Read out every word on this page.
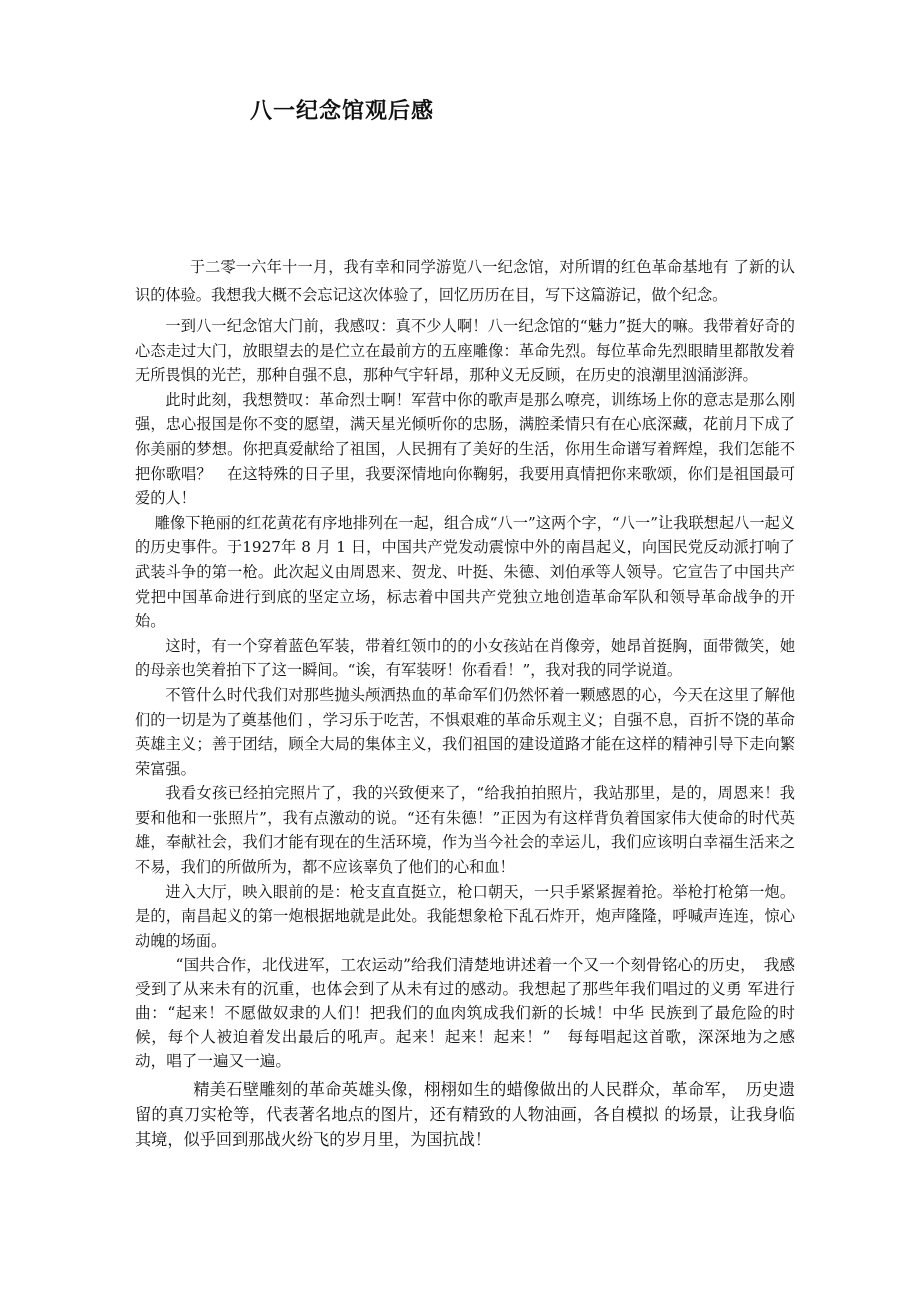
八一纪念馆观后感

于二零一六年十一月，我有幸和同学游览八一纪念馆，对所谓的红色革命基地有 了新的认识的体验。我想我大概不会忘记这次体验了，回忆历历在目，写下这篇游记，做个纪念。

一到八一纪念馆大门前，我感叹：真不少人啊！八一纪念馆的“魅力”挺大的嘛。我带着好奇的心态走过大门，放眼望去的是伫立在最前方的五座雕像：革命先烈。每位革命先烈眼睛里都散发着无所畏惧的光芒，那种自强不息，那种气宇轩昂，那种义无反顾，在历史的浪潮里汹涌澎湃。

此时此刻，我想赞叹：革命烈士啊！军营中你的歌声是那么嘹亮，训练场上你的意志是那么刚强，忠心报国是你不变的愿望，满天星光倾听你的忠肠，满腔柔情只有在心底深藏，花前月下成了你美丽的梦想。你把真爱献给了祖国，人民拥有了美好的生活，你用生命谱写着辉煌，我们怎能不把你歌唱？　在这特殊的日子里，我要深情地向你鞠躬，我要用真情把你来歌颂，你们是祖国最可爱的人！

雕像下艳丽的红花黄花有序地排列在一起，组合成“八一”这两个字，“八一”让我联想起八一起义的历史事件。于1927年 8 月 1 日，中国共产党发动震惊中外的南昌起义，向国民党反动派打响了武装斗争的第一枪。此次起义由周恩来、贺龙、叶挺、朱德、刘伯承等人领导。它宣告了中国共产党把中国革命进行到底的坚定立场，标志着中国共产党独立地创造革命军队和领导革命战争的开始。

这时，有一个穿着蓝色军装，带着红领巾的的小女孩站在肖像旁，她昂首挺胸，面带微笑，她的母亲也笑着拍下了这一瞬间。“诶，有军装呀！你看看！”，我对我的同学说道。

不管什么时代我们对那些抛头颅洒热血的革命军们仍然怀着一颗感恩的心，今天在这里了解他们的一切是为了奠基他们 ，学习乐于吃苦，不惧艰难的革命乐观主义；自强不息，百折不饶的革命英雄主义；善于团结，顾全大局的集体主义，我们祖国的建设道路才能在这样的精神引导下走向繁荣富强。

我看女孩已经拍完照片了，我的兴致便来了，“给我拍拍照片，我站那里，是的，周恩来！我要和他和一张照片”，我有点激动的说。“还有朱德！”正因为有这样背负着国家伟大使命的时代英雄，奉献社会，我们才能有现在的生活环境，作为当今社会的幸运儿，我们应该明白幸福生活来之不易，我们的所做所为，都不应该辜负了他们的心和血！

进入大厅，映入眼前的是：枪支直直挺立，枪口朝天，一只手紧紧握着抢。举枪打枪第一炮。是的，南昌起义的第一炮根据地就是此处。我能想象枪下乱石炸开，炮声隆隆，呼喊声连连，惊心动魄的场面。

“国共合作，北伐进军，工农运动”给我们清楚地讲述着一个又一个刻骨铭心的历史，　我感受到了从来未有的沉重，也体会到了从未有过的感动。我想起了那些年我们唱过的义勇 军进行曲：“起来！不愿做奴隶的人们！把我们的血肉筑成我们新的长城！中华 民族到了最危险的时候，每个人被迫着发出最后的吼声。起来！起来！起来！”　每每唱起这首歌，深深地为之感动，唱了一遍又一遍。

精美石壁雕刻的革命英雄头像，栩栩如生的蜡像做出的人民群众，革命军，　历史遗留的真刀实枪等，代表著名地点的图片，还有精致的人物油画，各自模拟 的场景，让我身临其境，似乎回到那战火纷飞的岁月里，为国抗战！
